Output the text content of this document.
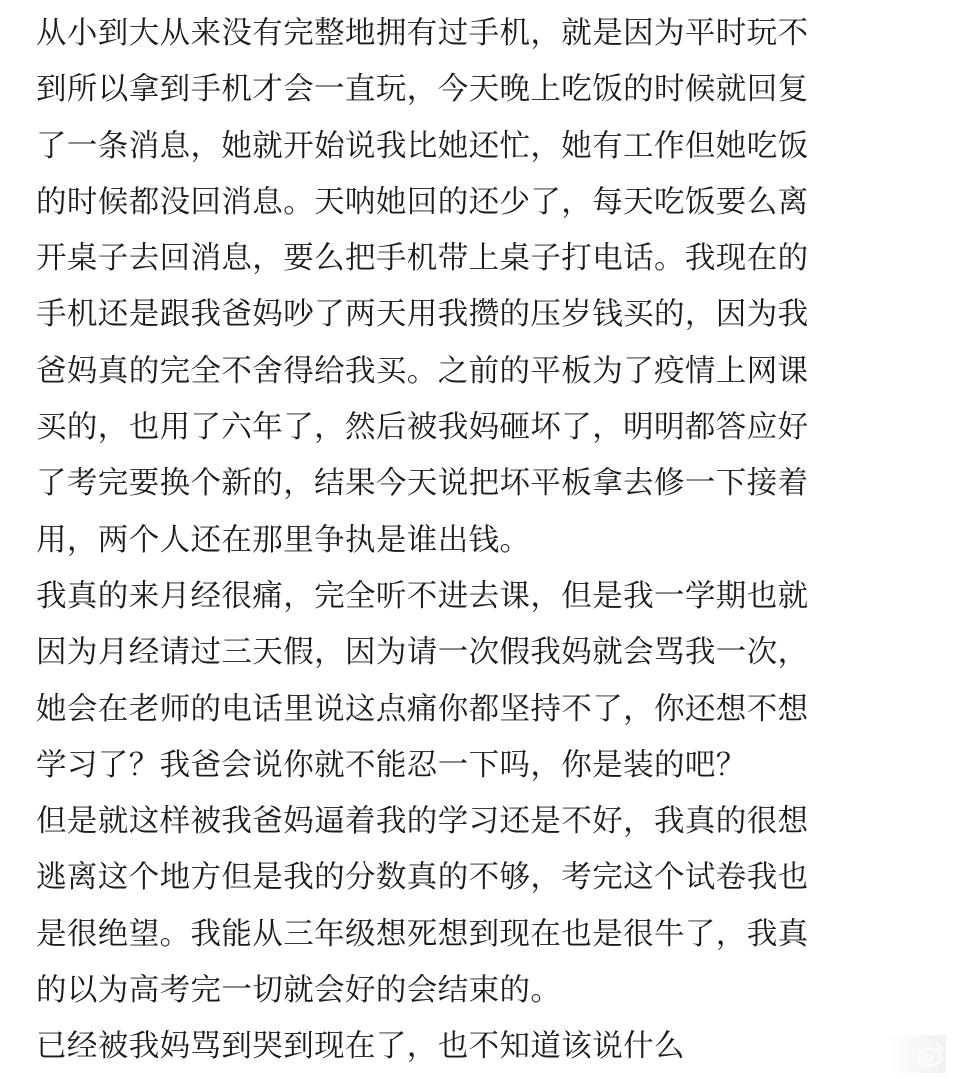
从小到大从来没有完整地拥有过手机，就是因为平时玩不
到所以拿到手机才会一直玩，今天晚上吃饭的时候就回复
了一条消息，她就开始说我比她还忙，她有工作但她吃饭
的时候都没回消息。天呐她回的还少了，每天吃饭要么离
开桌子去回消息，要么把手机带上桌子打电话。我现在的
手机还是跟我爸妈吵了两天用我攒的压岁钱买的，因为我
爸妈真的完全不舍得给我买。之前的平板为了疫情上网课
买的，也用了六年了，然后被我妈砸坏了，明明都答应好
了考完要换个新的，结果今天说把坏平板拿去修一下接着
用，两个人还在那里争执是谁出钱。
我真的来月经很痛，完全听不进去课，但是我一学期也就
因为月经请过三天假，因为请一次假我妈就会骂我一次，
她会在老师的电话里说这点痛你都坚持不了，你还想不想
学习了？我爸会说你就不能忍一下吗，你是装的吧？
但是就这样被我爸妈逼着我的学习还是不好，我真的很想
逃离这个地方但是我的分数真的不够，考完这个试卷我也
是很绝望。我能从三年级想死想到现在也是很牛了，我真
的以为高考完一切就会好的会结束的。
已经被我妈骂到哭到现在了，也不知道该说什么
